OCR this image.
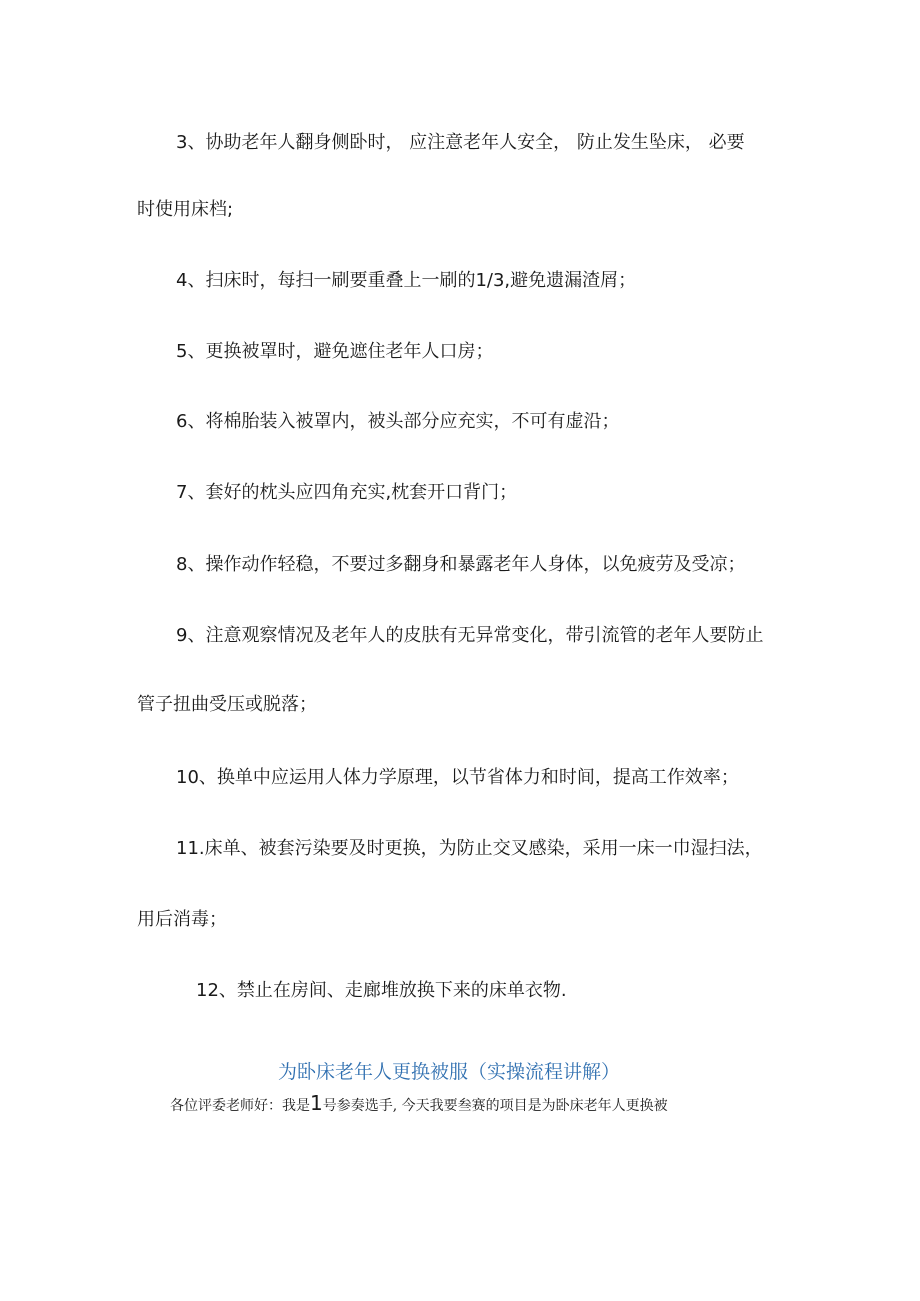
3、协助老年人翻身侧卧时， 应注意老年人安全， 防止发生坠床， 必要
时使用床档;
4、扫床时，每扫一刷要重叠上一刷的1/3,避免遗漏渣屑；
5、更换被罩时，避免遮住老年人口房；
6、将棉胎装入被罩内，被头部分应充实，不可有虚沿；
7、套好的枕头应四角充实,枕套开口背门；
8、操作动作轻稳，不要过多翻身和暴露老年人身体，以免疲劳及受凉；
9、注意观察情况及老年人的皮肤有无异常变化，带引流管的老年人要防止
管子扭曲受压或脱落；
10、换单中应运用人体力学原理，以节省体力和时间，提高工作效率；
11.床单、被套污染要及时更换，为防止交叉感染，采用一床一巾湿扫法，
用后消毒；
12、禁止在房间、走廊堆放换下来的床单衣物.
为卧床老年人更换被服（实操流程讲解）
各位评委老师好：我是1号参奏选手, 今天我要叁赛的项目是为卧床老年人更换被
